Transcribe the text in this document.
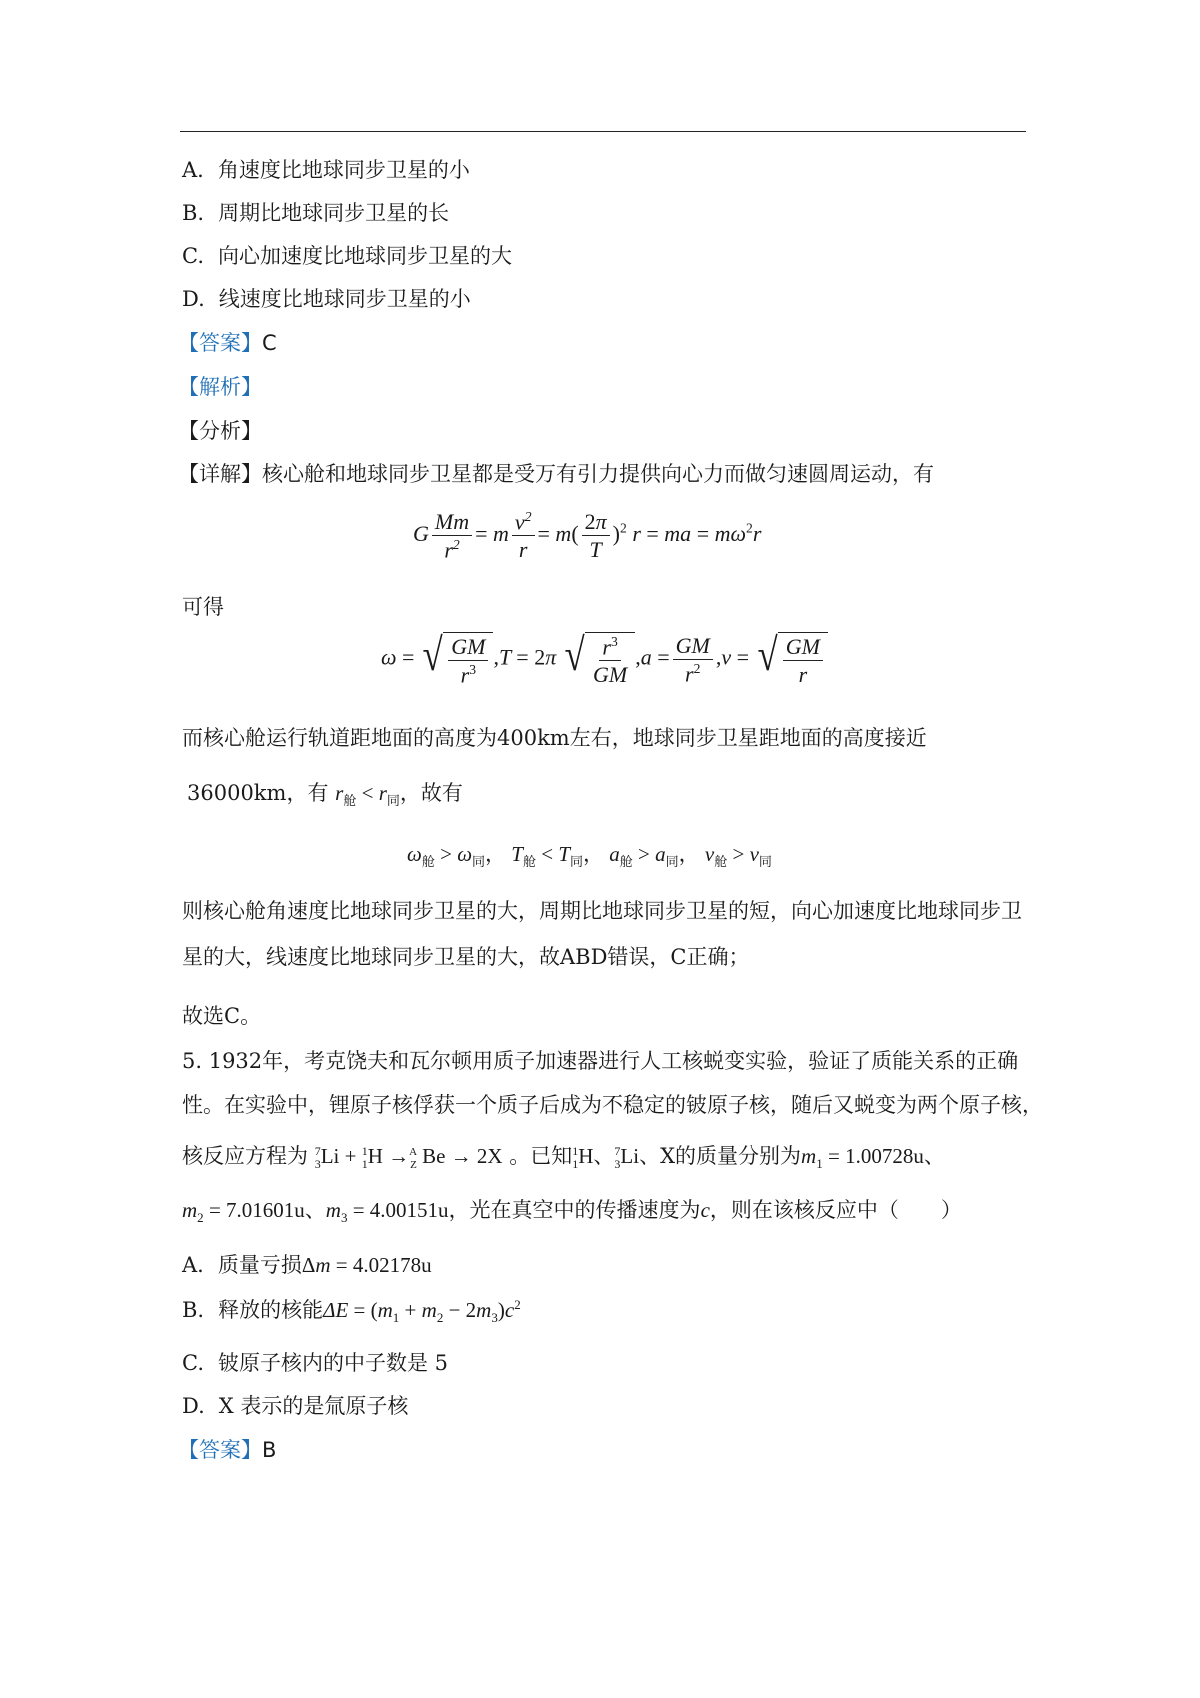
A. 角速度比地球同步卫星的小
B. 周期比地球同步卫星的长
C. 向心加速度比地球同步卫星的大
D. 线速度比地球同步卫星的小
【答案】C
【解析】
【分析】
【详解】核心舱和地球同步卫星都是受万有引力提供向心力而做匀速圆周运动，有
G $\frac{Mm}{r^2} = m \frac{v^2}{r} = m( \frac{2\pi}{T} )^2$ r = ma = $m\omega^2r$
可得
ω = √ $\frac{GM}{r^3} ,T = 2\pi$ √ $\frac{r^3}{GM} ,a = \frac{GM}{r^2} ,v$ = √ $\frac{GM}{r}$
而核心舱运行轨道距地面的高度为400km左右，地球同步卫星距地面的高度接近
36000km，有 $r_舱 < r_同$，故有
$\omega_舱 > \omega_同$， $T_舱 < T_同$， $a_舱 > a_同$， $v_舱 > v_同$
则核心舱角速度比地球同步卫星的大，周期比地球同步卫星的短，向心加速度比地球同步卫星的大，线速度比地球同步卫星的大，故ABD错误，C正确；
故选C。
5. 1932年，考克饶夫和瓦尔顿用质子加速器进行人工核蜕变实验，验证了质能关系的正确
性。在实验中，锂原子核俘获一个质子后成为不稳定的铍原子核，随后又蜕变为两个原子核，
核反应方程为 $^7_3$Li + $^1_1$H →$^A_Z$ Be → 2X 。已知$^1_1$H、$^7_3$Li、X的质量分别为$m_1 = 1.00728u$、
$m_2 = 7.01601u$、$m_3 = 4.00151u$，光在真空中的传播速度为c，则在该核反应中（　　）
A. 质量亏损Δm = 4.02178u
B. 释放的核能$\Delta E = (m_1 + m_2 - 2m_3)c^2$
C. 铍原子核内的中子数是 5
D. X 表示的是氚原子核
【答案】B
